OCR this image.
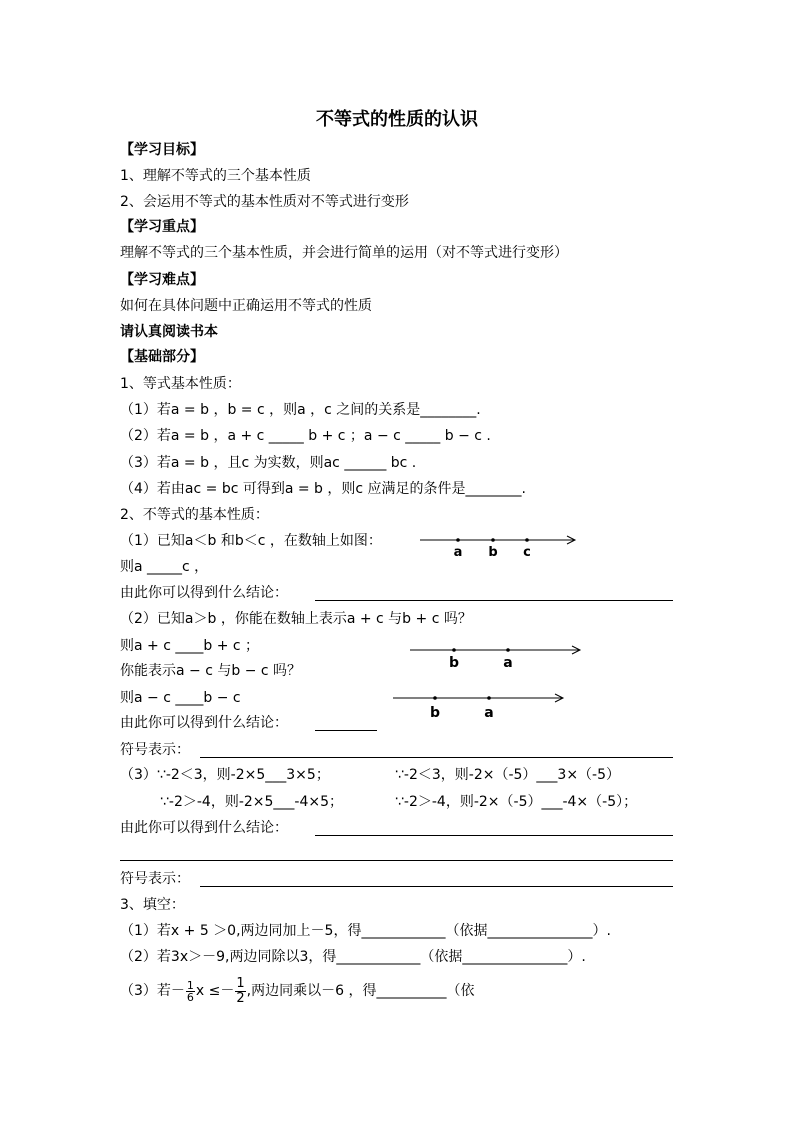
不等式的性质的认识
【学习目标】
1、理解不等式的三个基本性质
2、会运用不等式的基本性质对不等式进行变形
【学习重点】
理解不等式的三个基本性质，并会进行简单的运用（对不等式进行变形）
【学习难点】
如何在具体问题中正确运用不等式的性质
请认真阅读书本
【基础部分】
1、等式基本性质：
（1）若a = b ，b = c ，则a ，c 之间的关系是________.
（2）若a = b ，a + c _____ b + c ；a − c _____ b − c .
（3）若a = b ，且c 为实数，则ac ______ bc .
（4）若由ac = bc 可得到a = b ，则c 应满足的条件是________.
2、不等式的基本性质：
（1）已知a＜b 和b＜c ，在数轴上如图：
a b c
则a _____c ，
由此你可以得到什么结论：
（2）已知a＞b ，你能在数轴上表示a + c 与b + c 吗？
则a + c ____b + c ；
b	a
你能表示a − c 与b − c 吗？
则a − c ____b − c
b	a
由此你可以得到什么结论：
符号表示：
（3）∵-2＜3，则-2×5___3×5；	∵-2＜3，则-2×（-5）___3×（-5）
∵-2＞-4，则-2×5___-4×5；	∵-2＞-4，则-2×（-5）___-4×（-5）；
由此你可以得到什么结论：
符号表示：
3、填空：
（1）若x + 5 ＞0,两边同加上－5，得____________（依据_______________）.
（2）若3x＞－9,两边同除以3，得____________（依据_______________）.
（3）若－ $\frac{1}{6}$ $x \le- \frac{1}{2}$ ,两边同乘以－6 ，得__________（依
